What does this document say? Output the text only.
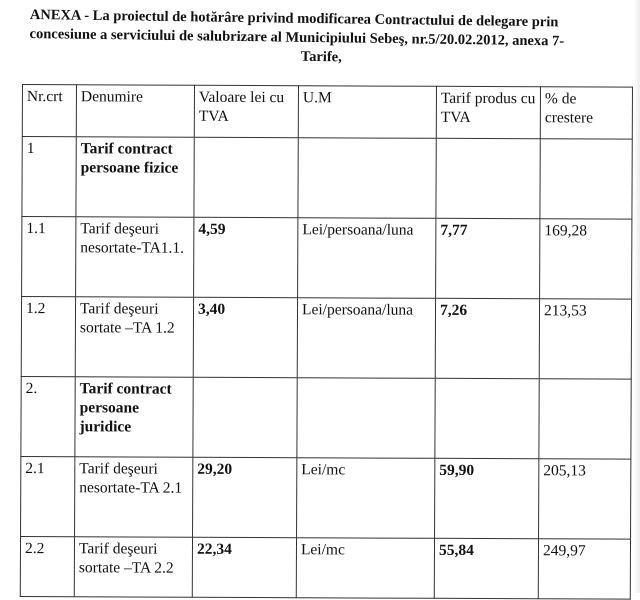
ANEXA - La proiectul de hotărâre privind modificarea Contractului de delegare prin
concesiune a serviciului de salubrizare al Municipiului Sebeş, nr.5/20.02.2012, anexa 7-
Tarife,
Nr.crt	Denumire	Valoare lei cu TVA	U.M	Tarif produs cu TVA	% de crestere
1	Tarif contract persoane fizice				
1.1	Tarif deşeuri nesortate-TA1.1.	4,59	Lei/persoana/luna	7,77	169,28
1.2	Tarif deşeuri sortate –TA 1.2	3,40	Lei/persoana/luna	7,26	213,53
2.	Tarif contract persoane juridice				
2.1	Tarif deşeuri nesortate-TA 2.1	29,20	Lei/mc	59,90	205,13
2.2	Tarif deşeuri sortate –TA 2.2	22,34	Lei/mc	55,84	249,97
